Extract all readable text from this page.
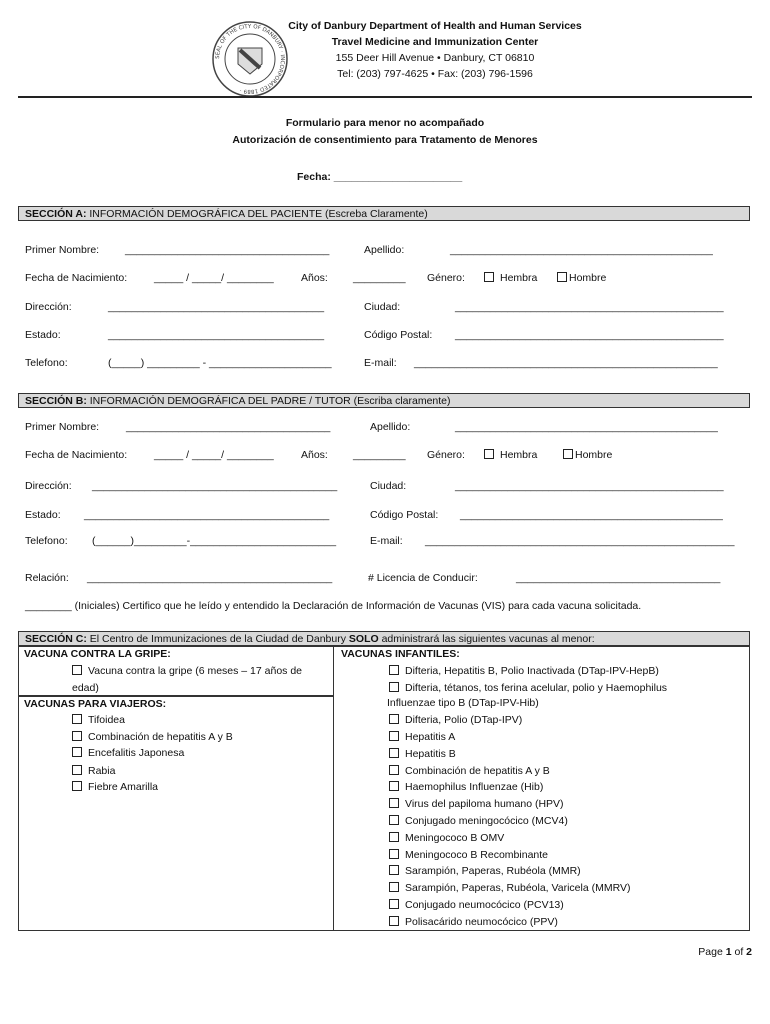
SEAL OF THE CITY OF DANBURY · INCORPORATED 1889 ·
City of Danbury Department of Health and Human Services
Travel Medicine and Immunization Center
155 Deer Hill Avenue • Danbury, CT 06810
Tel: (203) 797-4625 • Fax: (203) 796-1596
Formulario para menor no acompañado
Autorización de consentimiento para Tratamento de Menores
Fecha: ______________________
SECCIÓN A: INFORMACIÓN DEMOGRÁFICA DEL PACIENTE (Escreba Claramente)
Primer Nombre: ___________________________________	Apellido:	_____________________________________________
Fecha de Nacimiento:	_____ / _____/ ________	Años: _________ Género:	Hembra	Hombre
Dirección:	_____________________________________	Ciudad:	______________________________________________
Estado:	_____________________________________	Código Postal: ______________________________________________
Telefono:	(_____) _________ - _____________________	E-mail: ____________________________________________________
SECCIÓN B: INFORMACIÓN DEMOGRÁFICA DEL PADRE / TUTOR (Escriba claramente)
Primer Nombre:	___________________________________	Apellido:	_____________________________________________
Fecha de Nacimiento:	_____ / _____/ ________	Años: _________ Género:	Hembra	Hombre
Dirección: __________________________________________	Ciudad:	______________________________________________
Estado: __________________________________________	Código Postal: _____________________________________________
Telefono: (______)_________-_________________________	E-mail: _____________________________________________________
Relación: __________________________________________	# Licencia de Conducir:	___________________________________
________ (Iniciales) Certifico que he leído y entendido la Declaración de Información de Vacunas (VIS) para cada vacuna solicitada.
SECCIÓN C: El Centro de Immunizaciones de la Ciudad de Danbury SOLO administrará las siguientes vacunas al menor:
VACUNA CONTRA LA GRIPE:
Vacuna contra la gripe (6 meses – 17 años de
edad)
VACUNAS PARA VIAJEROS:
Tifoidea
Combinación de hepatitis A y B
Encefalitis Japonesa
Rabia
Fiebre Amarilla
VACUNAS INFANTILES:
Difteria, Hepatitis B, Polio Inactivada (DTap-IPV-HepB)
Difteria, tétanos, tos ferina acelular, polio y Haemophilus
Influenzae tipo B (DTap-IPV-Hib)
Difteria, Polio (DTap-IPV)
Hepatitis A
Hepatitis B
Combinación de hepatitis A y B
Haemophilus Influenzae (Hib)
Virus del papiloma humano (HPV)
Conjugado meningocócico (MCV4)
Meningococo B OMV
Meningococo B Recombinante
Sarampión, Paperas, Rubéola (MMR)
Sarampión, Paperas, Rubéola, Varicela (MMRV)
Conjugado neumocócico (PCV13)
Polisacárido neumocócico (PPV)
Page 1 of 2
